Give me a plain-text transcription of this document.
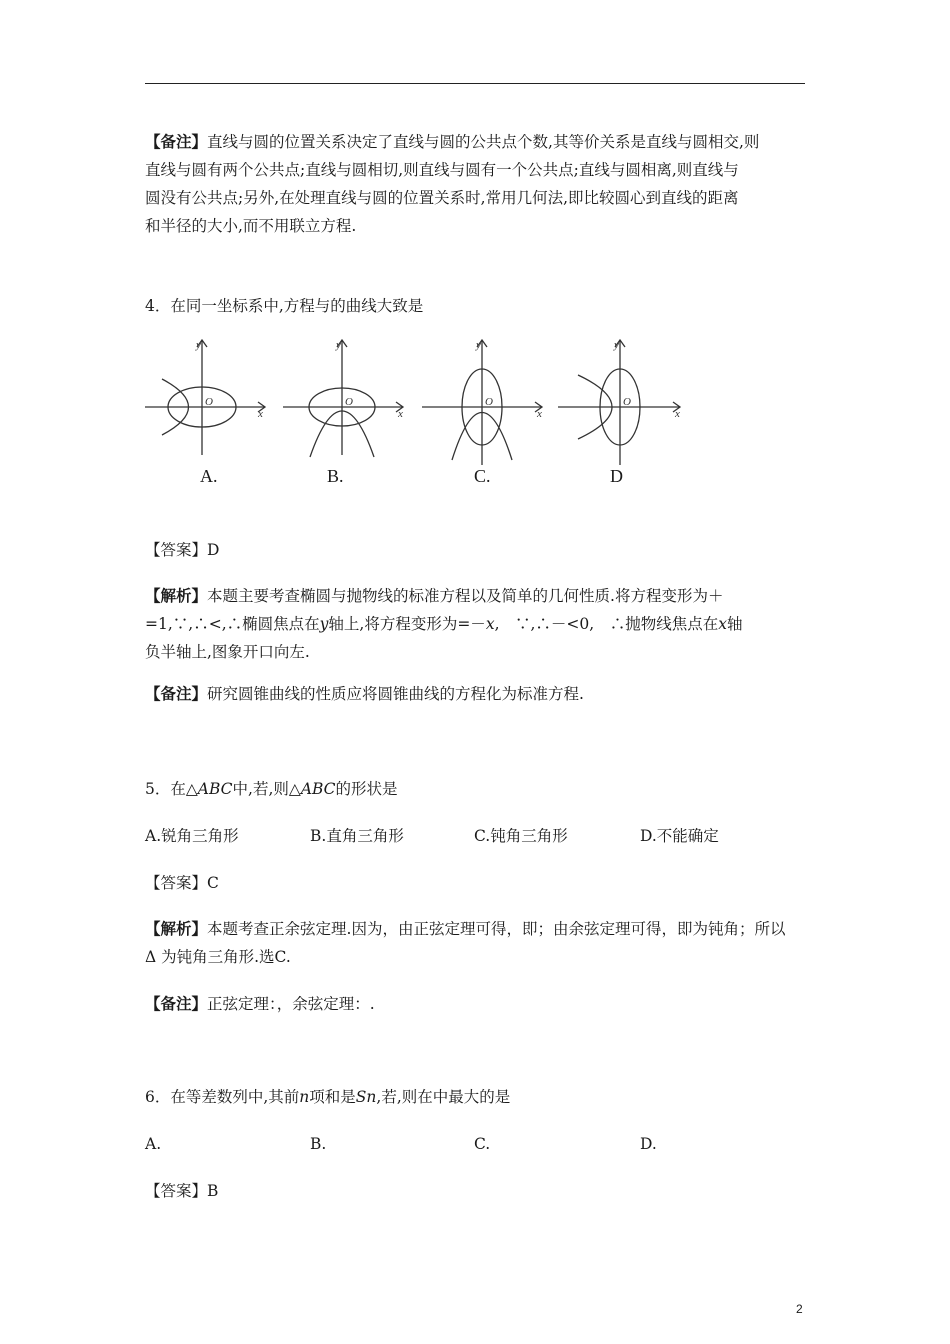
【备注】直线与圆的位置关系决定了直线与圆的公共点个数,其等价关系是直线与圆相交,则
直线与圆有两个公共点;直线与圆相切,则直线与圆有一个公共点;直线与圆相离,则直线与
圆没有公共点;另外,在处理直线与圆的位置关系时,常用几何法,即比较圆心到直线的距离
和半径的大小,而不用联立方程.
4．在同一坐标系中,方程与的曲线大致是
y
x
O
y
x
O
y
x
O
y
x
O
A.	B.	C.	D
【答案】D
【解析】本题主要考查椭圆与抛物线的标准方程以及简单的几何性质.将方程变形为＋
=1,∵,∴<,∴椭圆焦点在y轴上,将方程变形为=－x,　∵,∴－<0,　∴抛物线焦点在x轴
负半轴上,图象开口向左.
【备注】研究圆锥曲线的性质应将圆锥曲线的方程化为标准方程.
5．在△ABC中,若,则△ABC的形状是
A.锐角三角形	B.直角三角形	C.钝角三角形	D.不能确定
【答案】C
【解析】本题考查正余弦定理.因为，由正弦定理可得，即；由余弦定理可得，即为钝角；所以
Δ 为钝角三角形.选C.
【备注】正弦定理：，余弦定理：.
6．在等差数列中,其前n项和是Sn,若,则在中最大的是
A.	B.	C.	D.
【答案】B
2
